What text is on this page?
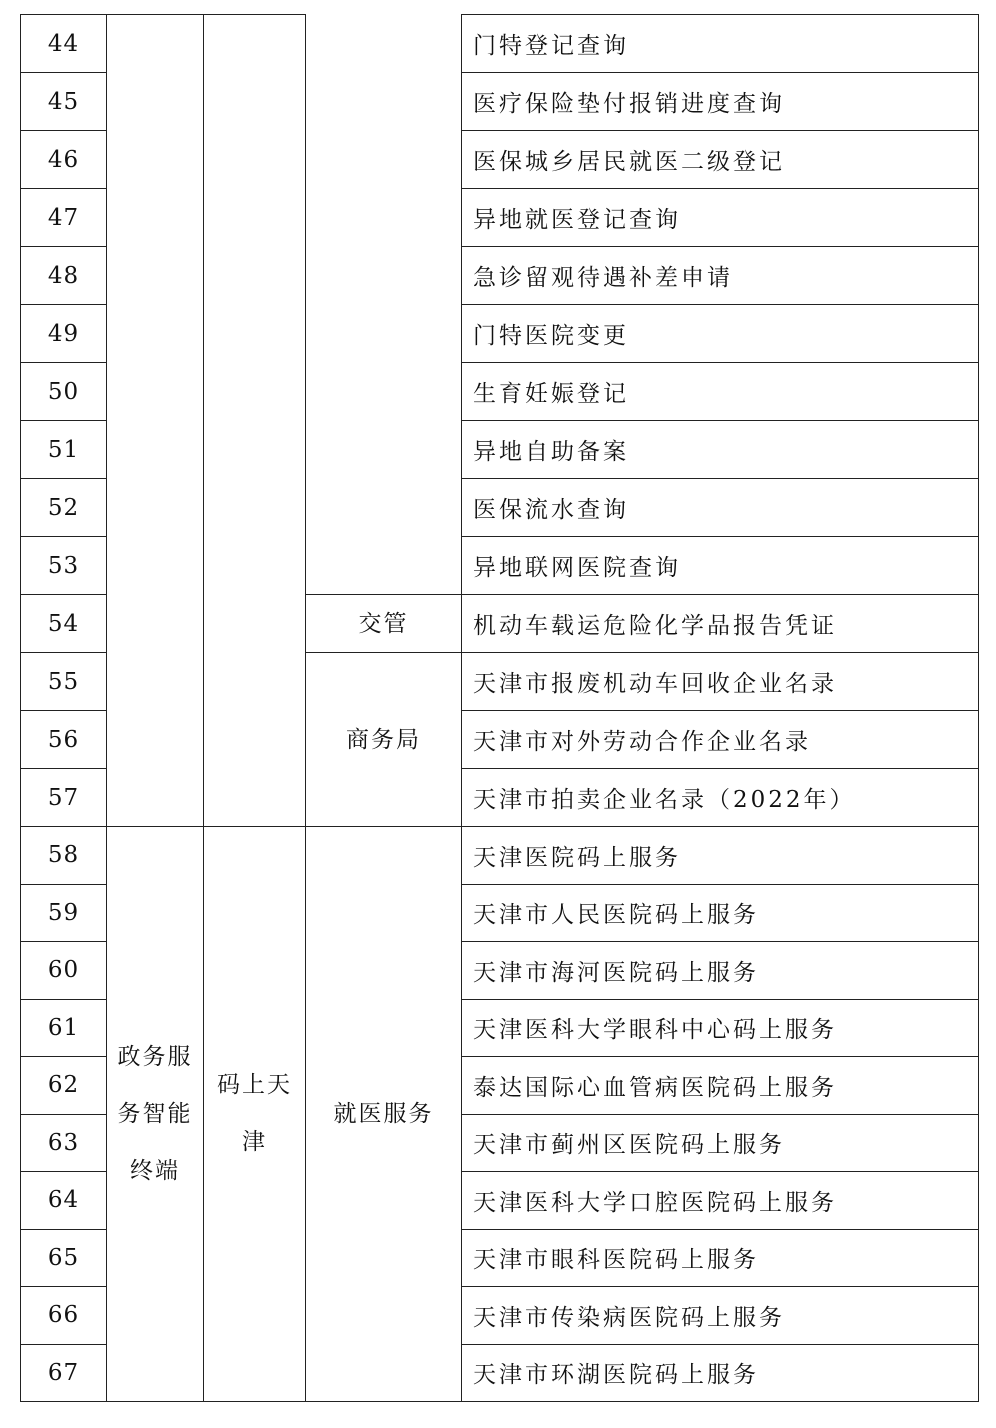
44				门特登记查询
45				医疗保险垫付报销进度查询
46				医保城乡居民就医二级登记
47				异地就医登记查询
48				急诊留观待遇补差申请
49				门特医院变更
50				生育妊娠登记
51				异地自助备案
52				医保流水查询
53				异地联网医院查询
54			交管	机动车载运危险化学品报告凭证
55			商务局	天津市报废机动车回收企业名录
56				天津市对外劳动合作企业名录
57				天津市拍卖企业名录（2022年）
58	政务服务智能终端	码上天津	就医服务	天津医院码上服务
59				天津市人民医院码上服务
60				天津市海河医院码上服务
61				天津医科大学眼科中心码上服务
62				泰达国际心血管病医院码上服务
63				天津市蓟州区医院码上服务
64				天津医科大学口腔医院码上服务
65				天津市眼科医院码上服务
66				天津市传染病医院码上服务
67				天津市环湖医院码上服务
